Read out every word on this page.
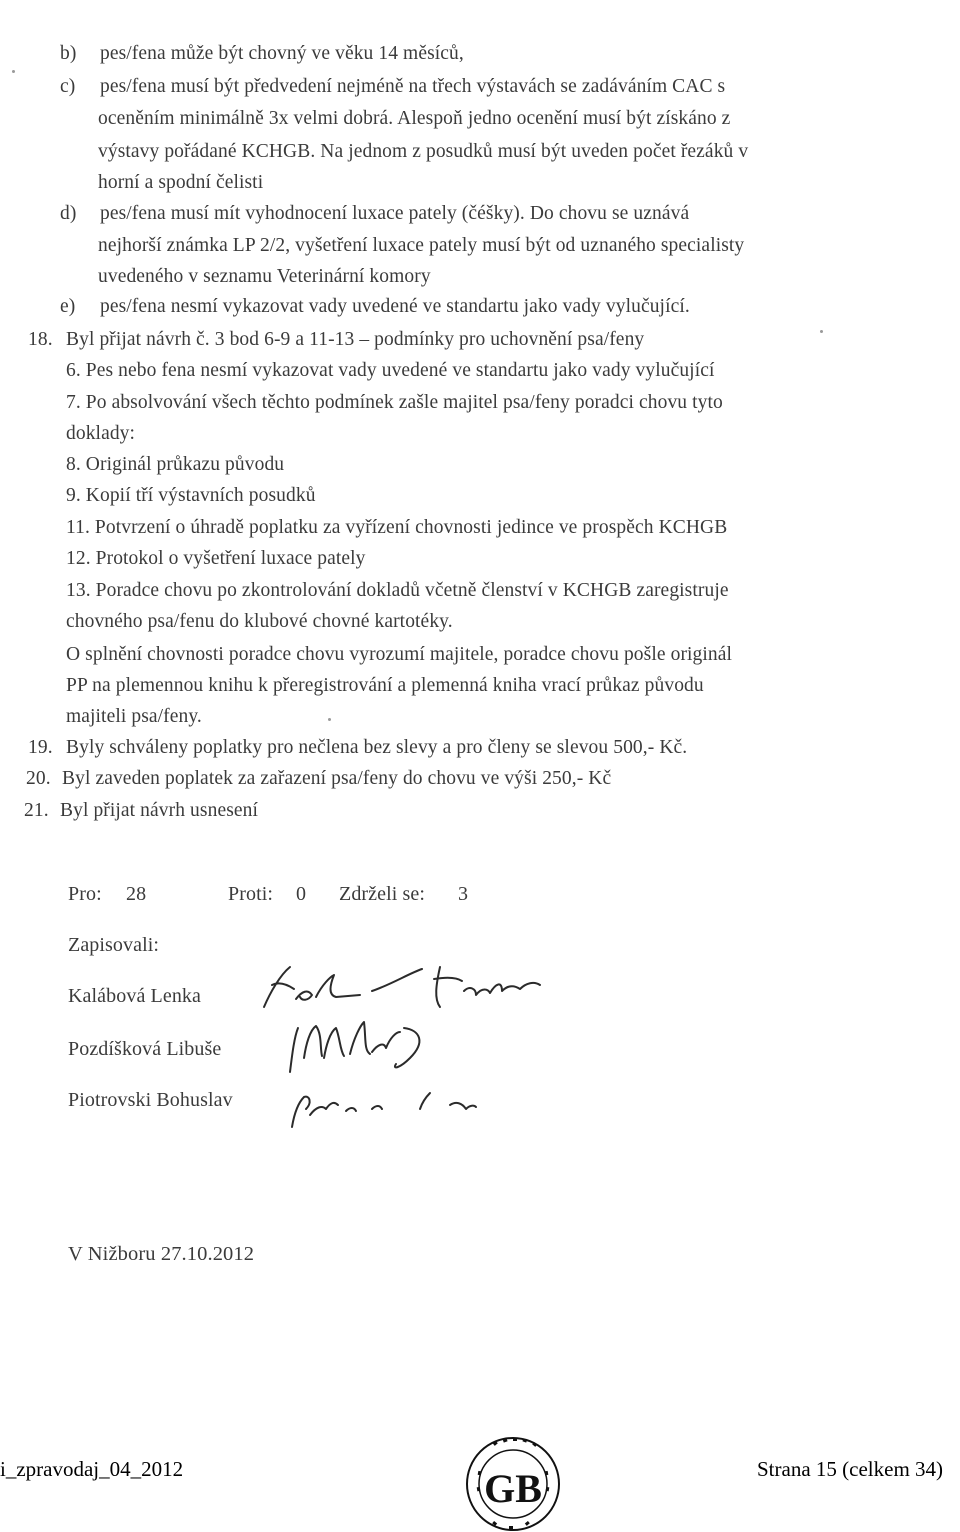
b) pes/fena může být chovný ve věku 14 měsíců,
c) pes/fena musí být předvedení nejméně na třech výstavách se zadáváním CAC s
oceněním minimálně 3x velmi dobrá. Alespoň jedno ocenění musí být získáno z
výstavy pořádané KCHGB. Na jednom z posudků musí být uveden počet řezáků v
horní a spodní čelisti
d) pes/fena musí mít vyhodnocení luxace pately (čéšky). Do chovu se uznává
nejhorší známka LP 2/2, vyšetření luxace pately musí být od uznaného specialisty
uvedeného v seznamu Veterinární komory
e) pes/fena nesmí vykazovat vady uvedené ve standartu jako vady vylučující.
18. Byl přijat návrh č. 3 bod 6-9 a 11-13 – podmínky pro uchovnění psa/feny
6. Pes nebo fena nesmí vykazovat vady uvedené ve standartu jako vady vylučující
7. Po absolvování všech těchto podmínek zašle majitel psa/feny poradci chovu tyto
doklady:
8. Originál průkazu původu
9. Kopií tří výstavních posudků
11. Potvrzení o úhradě poplatku za vyřízení chovnosti jedince ve prospěch KCHGB
12. Protokol o vyšetření luxace pately
13. Poradce chovu po zkontrolování dokladů včetně členství v KCHGB zaregistruje
chovného psa/fenu do klubové chovné kartotéky.
O splnění chovnosti poradce chovu vyrozumí majitele, poradce chovu pošle originál
PP na plemennou knihu k přeregistrování a plemenná kniha vrací průkaz původu
majiteli psa/feny.
19. Byly schváleny poplatky pro nečlena bez slevy a pro členy se slevou 500,- Kč.
20. Byl zaveden poplatek za zařazení psa/feny do chovu ve výši 250,- Kč
21. Byl přijat návrh usnesení
Pro: 28	Proti: 0 Zdrželi se: 3
Zapisovali:
Kalábová Lenka
Pozdíšková Libuše
Piotrovski Bohuslav
V Nižboru 27.10.2012
i_zpravodaj_04_2012	Strana 15 (celkem 34)
GB
